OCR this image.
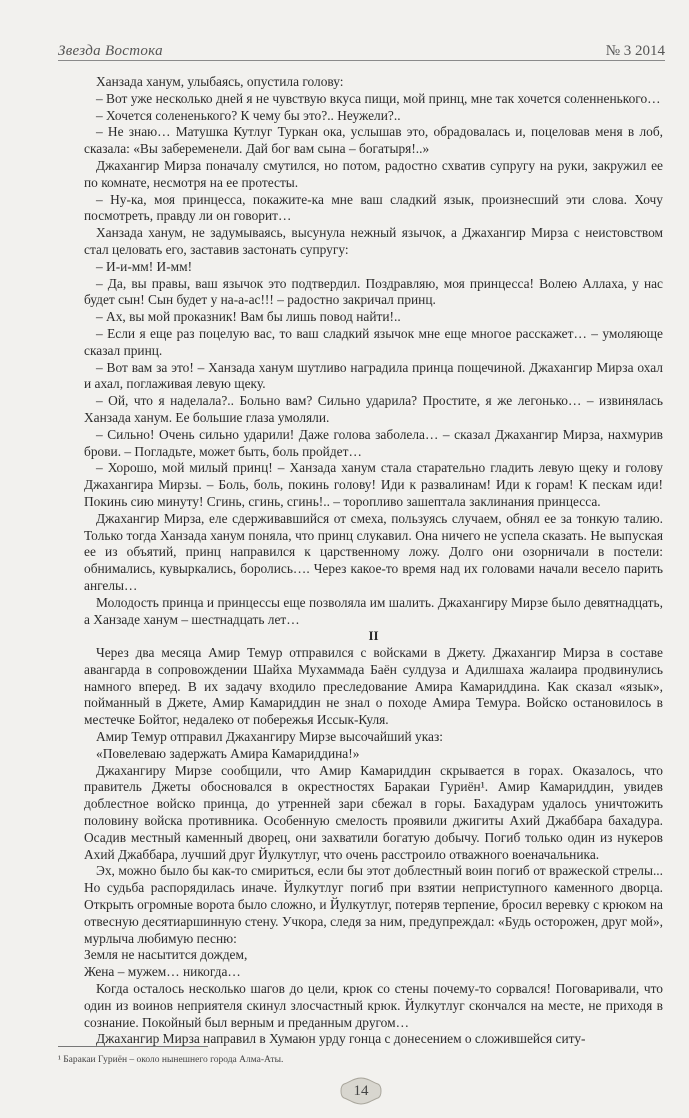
Звезда Востока	№ 3 2014

Ханзада ханум, улыбаясь, опустила голову:

– Вот уже несколько дней я не чувствую вкуса пищи, мой принц, мне так хочется соленненького…

– Хочется солененького? К чему бы это?.. Неужели?..

– Не знаю… Матушка Кутлуг Туркан ока, услышав это, обрадовалась и, поцеловав меня в лоб, сказала: «Вы забеременели. Дай бог вам сына – богатыря!..»

Джахангир Мирза поначалу смутился, но потом, радостно схватив супругу на руки, закружил ее по комнате, несмотря на ее протесты.

– Ну-ка, моя принцесса, покажите-ка мне ваш сладкий язык, произнесший эти слова. Хочу посмотреть, правду ли он говорит…

Ханзада ханум, не задумываясь, высунула нежный язычок, а Джахангир Мирза с неистовством стал целовать его, заставив застонать супругу:

– И-и-мм! И-мм!

– Да, вы правы, ваш язычок это подтвердил. Поздравляю, моя принцесса! Волею Аллаха, у нас будет сын! Сын будет у на-а-ас!!! – радостно закричал принц.

– Ах, вы мой проказник! Вам бы лишь повод найти!..

– Если я еще раз поцелую вас, то ваш сладкий язычок мне еще многое расскажет… – умоляюще сказал принц.

– Вот вам за это! – Ханзада ханум шутливо наградила принца пощечиной. Джахангир Мирза охал и ахал, поглаживая левую щеку.

– Ой, что я наделала?.. Больно вам? Сильно ударила? Простите, я же легонько… – извинялась Ханзада ханум. Ее большие глаза умоляли.

– Сильно! Очень сильно ударили! Даже голова заболела… – сказал Джахангир Мирза, нахмурив брови. – Погладьте, может быть, боль пройдет…

– Хорошо, мой милый принц! – Ханзада ханум стала старательно гладить левую щеку и голову Джахангира Мирзы. – Боль, боль, покинь голову! Иди к развалинам! Иди к горам! К пескам иди! Покинь сию минуту! Сгинь, сгинь, сгинь!.. – торопливо зашептала заклинания принцесса.

Джахангир Мирза, еле сдерживавшийся от смеха, пользуясь случаем, обнял ее за тонкую талию. Только тогда Ханзада ханум поняла, что принц слукавил. Она ничего не успела сказать. Не выпуская ее из объятий, принц направился к царственному ложу. Долго они озорничали в постели: обнимались, кувыркались, боролись…. Через какое-то время над их головами начали весело парить ангелы…

Молодость принца и принцессы еще позволяла им шалить. Джахангиру Мирзе было девятнадцать, а Ханзаде ханум – шестнадцать лет…

II

Через два месяца Амир Темур отправился с войсками в Джету. Джахангир Мирза в составе авангарда в сопровождении Шайха Мухаммада Баён сулдуза и Адилшаха жалаира продвинулись намного вперед. В их задачу входило преследование Амира Камариддина. Как сказал «язык», пойманный в Джете, Амир Камариддин не знал о походе Амира Темура. Войско остановилось в местечке Бойтог, недалеко от побережья Иссык-Куля.

Амир Темур отправил Джахангиру Мирзе высочайший указ:

«Повелеваю задержать Амира Камариддина!»

Джахангиру Мирзе сообщили, что Амир Камариддин скрывается в горах. Оказалось, что правитель Джеты обосновался в окрестностях Баракаи Гуриён¹. Амир Камариддин, увидев доблестное войско принца, до утренней зари сбежал в горы. Бахадурам удалось уничтожить половину войска противника. Особенную смелость проявили джигиты Ахий Джаббара бахадура. Осадив местный каменный дворец, они захватили богатую добычу. Погиб только один из нукеров Ахий Джаббара, лучший друг Йулкутлуг, что очень расстроило отважного военачальника.

Эх, можно было бы как-то смириться, если бы этот доблестный воин погиб от вражеской стрелы... Но судьба распорядилась иначе. Йулкутлуг погиб при взятии неприступного каменного дворца. Открыть огромные ворота было сложно, и Йулкутлуг, потеряв терпение, бросил веревку с крюком на отвесную десятиаршинную стену. Учкора, следя за ним, предупреждал: «Будь осторожен, друг мой», мурлыча любимую песню:

Земля не насытится дождем,

Жена – мужем… никогда…

Когда осталось несколько шагов до цели, крюк со стены почему-то сорвался! Поговаривали, что один из воинов неприятеля скинул злосчастный крюк. Йулкутлуг скончался на месте, не приходя в сознание. Покойный был верным и преданным другом…

Джахангир Мирза направил в Хумаюн урду гонца с донесением о сложившейся ситу-

¹ Баракаи Гуриён – около нынешнего города Алма-Аты.
14
